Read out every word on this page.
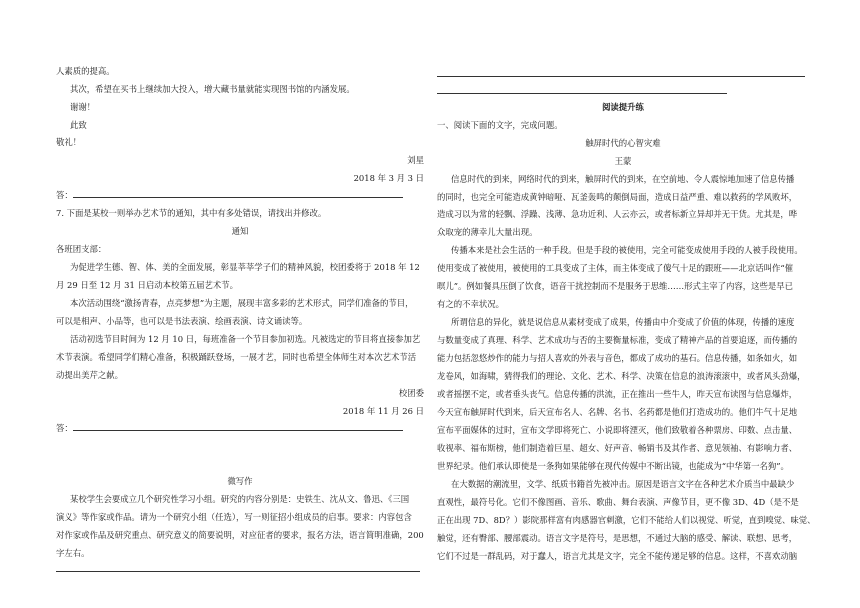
人素质的提高。
其次，希望在买书上继续加大投入，增大藏书量就能实现图书馆的内涵发展。
谢谢！
此致
敬礼！
刘星
2018 年 3 月 3 日
答：
7. 下面是某校一则举办艺术节的通知，其中有多处错误，请找出并修改。
通知
各班团支部：
为促进学生德、智、体、美的全面发展，彰显莘莘学子们的精神风貌，校团委将于 2018 年 12
月 29 日至 12 月 31 日启动本校第五届艺术节。
本次活动围绕“激扬青春，点亮梦想”为主题，展现丰富多彩的艺术形式，同学们准备的节目，
可以是相声、小品等，也可以是书法表演、绘画表演、诗文诵读等。
活动初选节目时间为 12 月 10 日，每班准备一个节目参加初选。凡被选定的节目将直接参加艺
术节表演。希望同学们精心准备，积极踊跃登场，一展才艺，同时也希望全体师生对本次艺术节活
动提出美芹之献。
校团委
2018 年 11 月 26 日
答：
微写作
某校学生会要成立几个研究性学习小组。研究的内容分别是：史铁生、沈从文、鲁迅、《三国
演义》等作家或作品。请为一个研究小组（任选），写一则征招小组成员的启事。要求：内容包含
对作家或作品及研究重点、研究意义的简要说明，对应征者的要求，报名方法，语言简明准确，200
字左右。
阅读提升练
一、阅读下面的文字，完成问题。
触屏时代的心智灾难
王蒙
信息时代的到来，网络时代的到来，触屏时代的到来，在空前地、令人震惊地加速了信息传播
的同时，也完全可能造成黄钟暗哑、瓦釜轰鸣的颠倒局面，造成日益严重、难以救药的学风败坏，
造成习以为常的轻飘、浮躁、浅薄、急功近利、人云亦云，或者标新立异却并无干货。尤其是，哗
众取宠的薄幸儿大量出现。
传播本来是社会生活的一种手段。但是手段的被使用，完全可能变成使用手段的人被手段使用。
使用变成了被使用，被使用的工具变成了主体，而主体变成了傻气十足的跟班——北京话叫作“催
暝儿”。例如餐具压倒了饮食，语音干扰控制而不是服务于思维……形式主宰了内容，这些是早已
有之的不幸状况。
所谓信息的异化，就是说信息从素材变成了成果，传播由中介变成了价值的体现，传播的速度
与数量变成了真理、科学、艺术成功与否的主要衡量标准，变成了精神产品的首要追逐，而传播的
能力包括忽悠炒作的能力与招人喜欢的外表与音色，都成了成功的基石。信息传播，如条如火，如
龙卷风，如海啸，猜得我们的理论、文化、艺术、科学、决策在信息的浪涛滚滚中，或者风头劲爆，
或者摇摆不定，或者垂头丧气。信息传播的洪流，正在推出一些牛人，昨天宣布读图与信息爆炸，
今天宣布触屏时代到来，后天宣布名人、名牌、名书、名药都是他们打造成功的。他们牛气十足地
宣布平面媒体的过时，宣布文学即将死亡、小说即将湮灭，他们致敬着各种票房、印数、点击量、
收视率、福布斯榜，他们制造着巨星、超女、好声音、畅销书及其作者、意见领袖、有影响力者、
世界纪录。他们承认即使是一条狗如果能够在现代传媒中不断出镜，也能成为“中华第一名狗”。
在大数据的潮流里，文学、纸质书籍首先被冲击。原因是语言文字在各种艺术介质当中最缺少
直观性，最符号化。它们不像图画、音乐、歌曲、舞台表演、声像节目，更不像 3D、4D（是不是
正在出现 7D、8D？）影院那样富有肉感器官刺激，它们不能给人们以视觉、听觉，直到嗅觉、味觉、
触觉，还有臀部、腰部震动。语言文字是符号，是思想，不通过大脑的感受、解读、联想、思考，
它们不过是一群乱码，对于蠢人，语言尤其是文字，完全不能传递足够的信息。这样，不喜欢动脑
